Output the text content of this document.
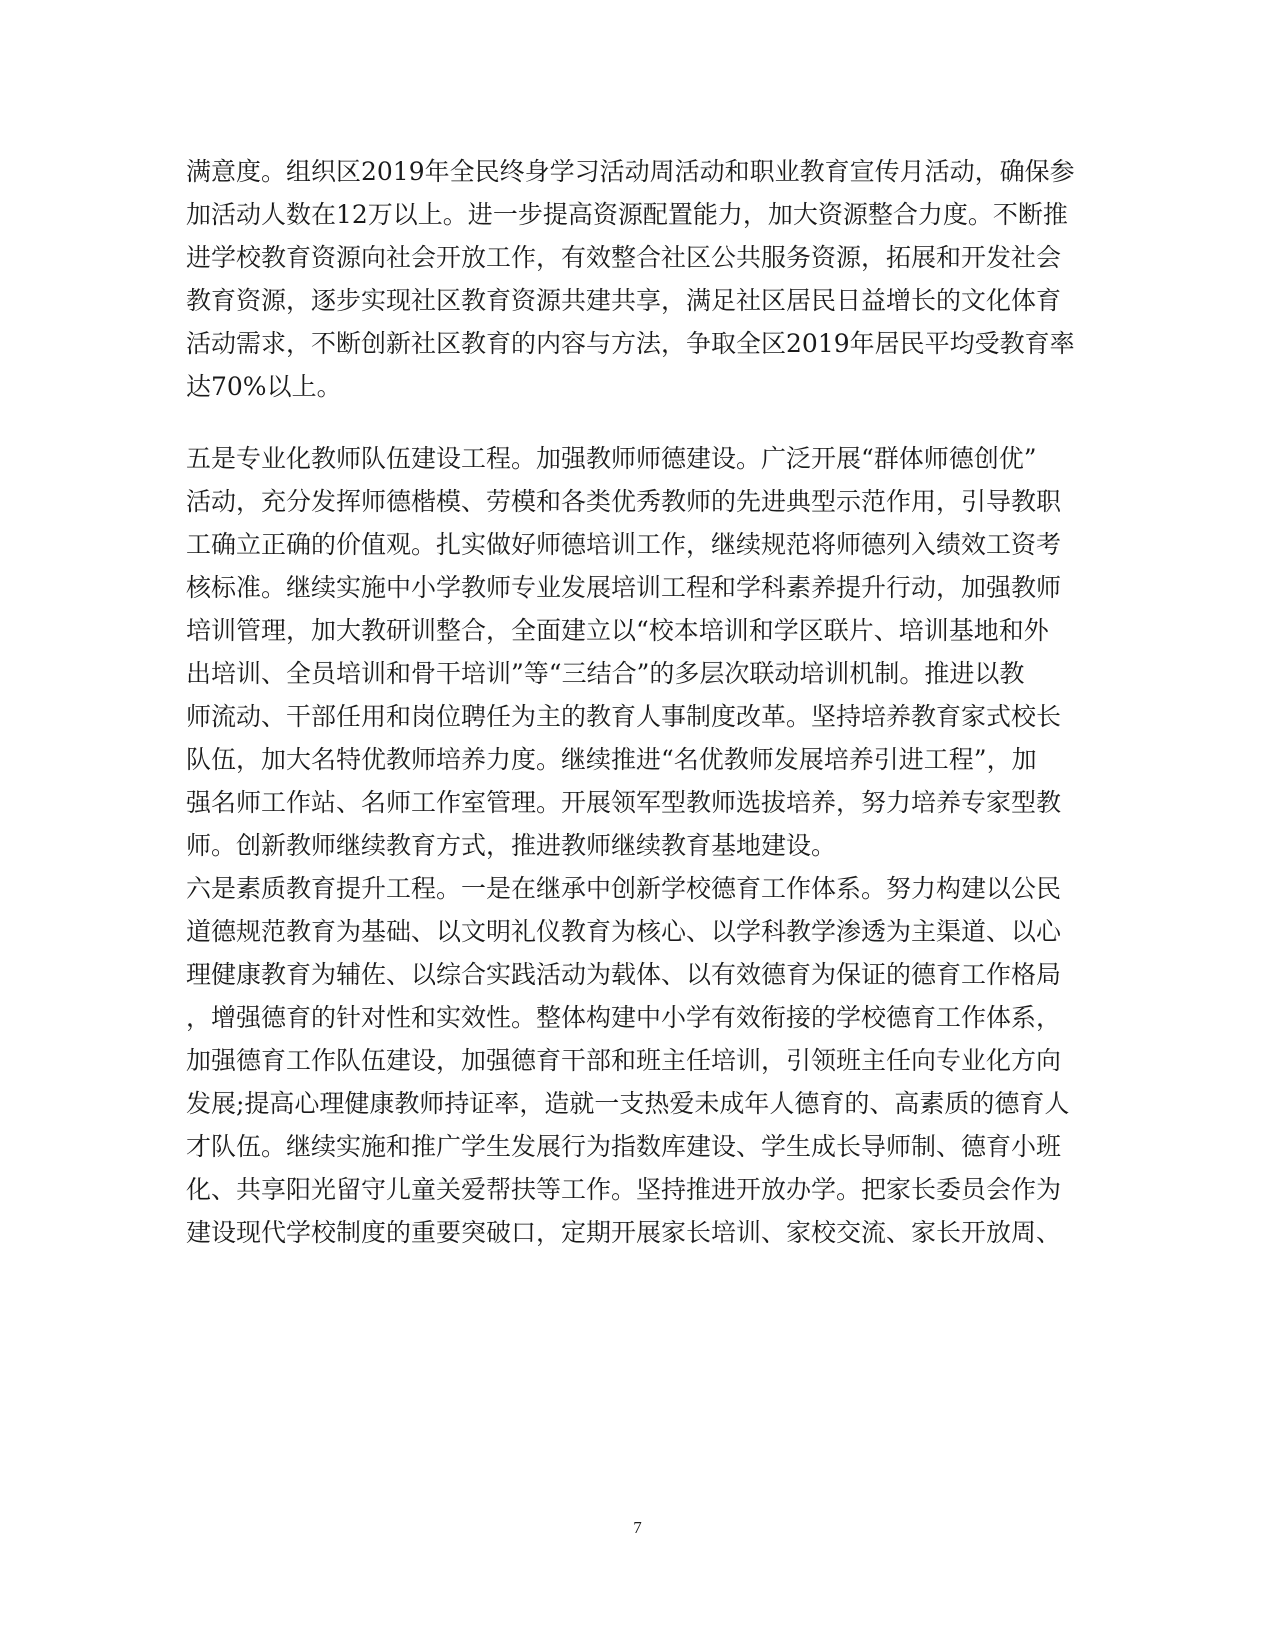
满意度。组织区2019年全民终身学习活动周活动和职业教育宣传月活动，确保参
加活动人数在12万以上。进一步提高资源配置能力，加大资源整合力度。不断推
进学校教育资源向社会开放工作，有效整合社区公共服务资源，拓展和开发社会
教育资源，逐步实现社区教育资源共建共享，满足社区居民日益增长的文化体育
活动需求，不断创新社区教育的内容与方法，争取全区2019年居民平均受教育率
达70%以上。

五是专业化教师队伍建设工程。加强教师师德建设。广泛开展“群体师德创优”
活动，充分发挥师德楷模、劳模和各类优秀教师的先进典型示范作用，引导教职
工确立正确的价值观。扎实做好师德培训工作，继续规范将师德列入绩效工资考
核标准。继续实施中小学教师专业发展培训工程和学科素养提升行动，加强教师
培训管理，加大教研训整合，全面建立以“校本培训和学区联片、培训基地和外
出培训、全员培训和骨干培训”等“三结合”的多层次联动培训机制。推进以教
师流动、干部任用和岗位聘任为主的教育人事制度改革。坚持培养教育家式校长
队伍，加大名特优教师培养力度。继续推进“名优教师发展培养引进工程”，加
强名师工作站、名师工作室管理。开展领军型教师选拔培养，努力培养专家型教
师。创新教师继续教育方式，推进教师继续教育基地建设。

六是素质教育提升工程。一是在继承中创新学校德育工作体系。努力构建以公民
道德规范教育为基础、以文明礼仪教育为核心、以学科教学渗透为主渠道、以心
理健康教育为辅佐、以综合实践活动为载体、以有效德育为保证的德育工作格局
，增强德育的针对性和实效性。整体构建中小学有效衔接的学校德育工作体系，
加强德育工作队伍建设，加强德育干部和班主任培训，引领班主任向专业化方向
发展;提高心理健康教师持证率，造就一支热爱未成年人德育的、高素质的德育人
才队伍。继续实施和推广学生发展行为指数库建设、学生成长导师制、德育小班
化、共享阳光留守儿童关爱帮扶等工作。坚持推进开放办学。把家长委员会作为
建设现代学校制度的重要突破口，定期开展家长培训、家校交流、家长开放周、

7
